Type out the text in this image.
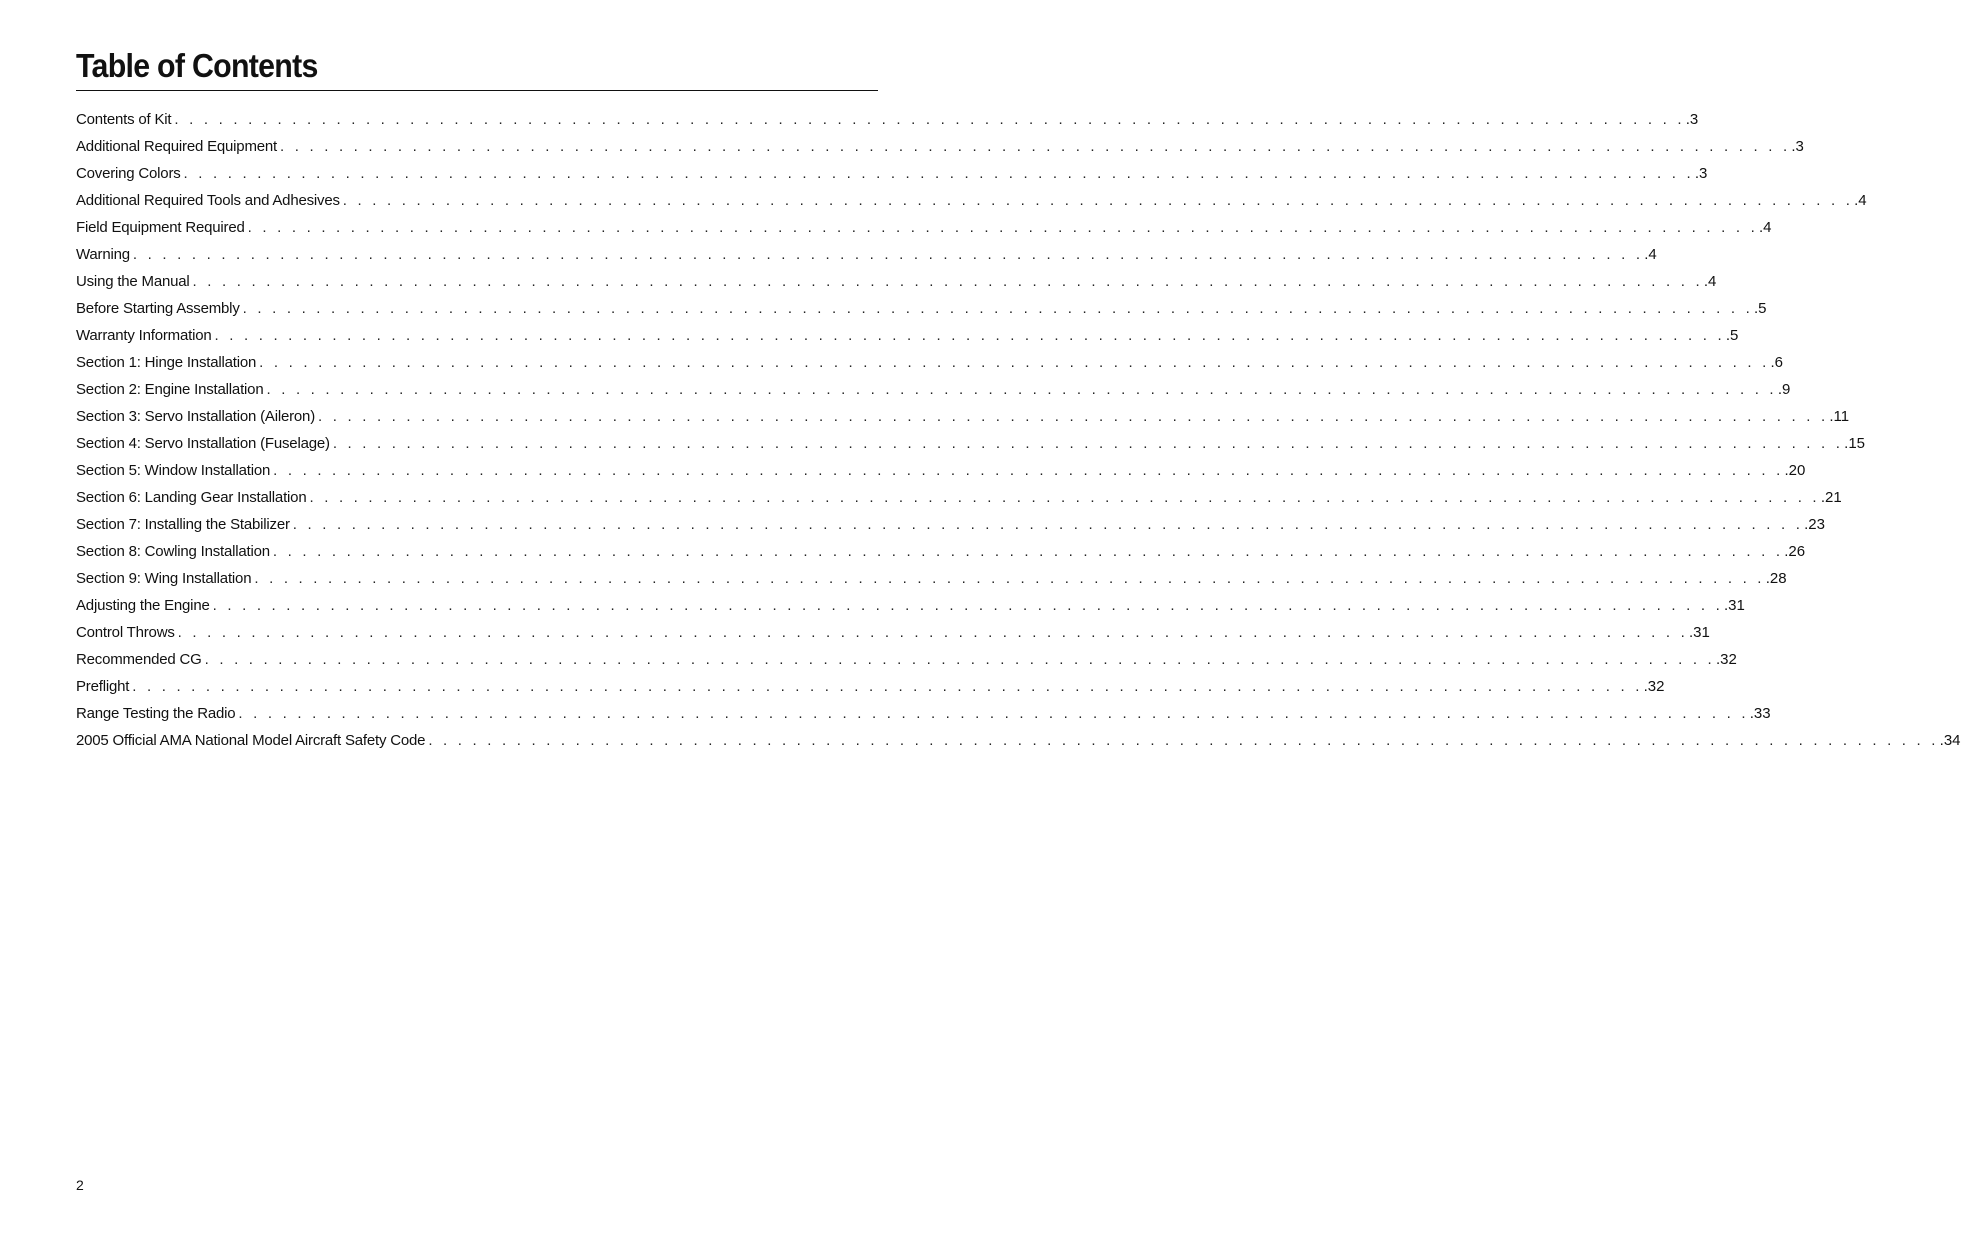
Table of Contents
Contents of Kit . . . . . . . . . . . . . . . . . . . . . . . . . . . . . . . . . . . . . . . . . . . . . . . . . . . . . . . . . . . . . . . . . . . . . . . . . . . . . . . . . . . . . . . . . . . . . . . . . . . . . . . .3
Additional Required Equipment . . . . . . . . . . . . . . . . . . . . . . . . . . . . . . . . . . . . . . . . . . . . . . . . . . . . . . . . . . . . . . . . . . . . . . . . . . . . . . . . . . . . . . . . . . . . . . . . . . . . . . . .3
Covering Colors . . . . . . . . . . . . . . . . . . . . . . . . . . . . . . . . . . . . . . . . . . . . . . . . . . . . . . . . . . . . . . . . . . . . . . . . . . . . . . . . . . . . . . . . . . . . . . . . . . . . . . . .3
Additional Required Tools and Adhesives . . . . . . . . . . . . . . . . . . . . . . . . . . . . . . . . . . . . . . . . . . . . . . . . . . . . . . . . . . . . . . . . . . . . . . . . . . . . . . . . . . . . . . . . . . . . . . . . . . . . . . . .4
Field Equipment Required . . . . . . . . . . . . . . . . . . . . . . . . . . . . . . . . . . . . . . . . . . . . . . . . . . . . . . . . . . . . . . . . . . . . . . . . . . . . . . . . . . . . . . . . . . . . . . . . . . . . . . . .4
Warning . . . . . . . . . . . . . . . . . . . . . . . . . . . . . . . . . . . . . . . . . . . . . . . . . . . . . . . . . . . . . . . . . . . . . . . . . . . . . . . . . . . . . . . . . . . . . . . . . . . . . . . .4
Using the Manual . . . . . . . . . . . . . . . . . . . . . . . . . . . . . . . . . . . . . . . . . . . . . . . . . . . . . . . . . . . . . . . . . . . . . . . . . . . . . . . . . . . . . . . . . . . . . . . . . . . . . . . .4
Before Starting Assembly . . . . . . . . . . . . . . . . . . . . . . . . . . . . . . . . . . . . . . . . . . . . . . . . . . . . . . . . . . . . . . . . . . . . . . . . . . . . . . . . . . . . . . . . . . . . . . . . . . . . . . . .5
Warranty Information . . . . . . . . . . . . . . . . . . . . . . . . . . . . . . . . . . . . . . . . . . . . . . . . . . . . . . . . . . . . . . . . . . . . . . . . . . . . . . . . . . . . . . . . . . . . . . . . . . . . . . . .5
Section 1: Hinge Installation . . . . . . . . . . . . . . . . . . . . . . . . . . . . . . . . . . . . . . . . . . . . . . . . . . . . . . . . . . . . . . . . . . . . . . . . . . . . . . . . . . . . . . . . . . . . . . . . . . . . . . . .6
Section 2: Engine Installation . . . . . . . . . . . . . . . . . . . . . . . . . . . . . . . . . . . . . . . . . . . . . . . . . . . . . . . . . . . . . . . . . . . . . . . . . . . . . . . . . . . . . . . . . . . . . . . . . . . . . . . .9
Section 3: Servo Installation (Aileron) . . . . . . . . . . . . . . . . . . . . . . . . . . . . . . . . . . . . . . . . . . . . . . . . . . . . . . . . . . . . . . . . . . . . . . . . . . . . . . . . . . . . . . . . . . . . . . . . . . . . . . . .11
Section 4: Servo Installation (Fuselage) . . . . . . . . . . . . . . . . . . . . . . . . . . . . . . . . . . . . . . . . . . . . . . . . . . . . . . . . . . . . . . . . . . . . . . . . . . . . . . . . . . . . . . . . . . . . . . . . . . . . . . . .15
Section 5: Window Installation . . . . . . . . . . . . . . . . . . . . . . . . . . . . . . . . . . . . . . . . . . . . . . . . . . . . . . . . . . . . . . . . . . . . . . . . . . . . . . . . . . . . . . . . . . . . . . . . . . . . . . . .20
Section 6: Landing Gear Installation . . . . . . . . . . . . . . . . . . . . . . . . . . . . . . . . . . . . . . . . . . . . . . . . . . . . . . . . . . . . . . . . . . . . . . . . . . . . . . . . . . . . . . . . . . . . . . . . . . . . . . . .21
Section 7: Installing the Stabilizer . . . . . . . . . . . . . . . . . . . . . . . . . . . . . . . . . . . . . . . . . . . . . . . . . . . . . . . . . . . . . . . . . . . . . . . . . . . . . . . . . . . . . . . . . . . . . . . . . . . . . . . .23
Section 8: Cowling Installation . . . . . . . . . . . . . . . . . . . . . . . . . . . . . . . . . . . . . . . . . . . . . . . . . . . . . . . . . . . . . . . . . . . . . . . . . . . . . . . . . . . . . . . . . . . . . . . . . . . . . . . .26
Section 9: Wing Installation . . . . . . . . . . . . . . . . . . . . . . . . . . . . . . . . . . . . . . . . . . . . . . . . . . . . . . . . . . . . . . . . . . . . . . . . . . . . . . . . . . . . . . . . . . . . . . . . . . . . . . . .28
Adjusting the Engine . . . . . . . . . . . . . . . . . . . . . . . . . . . . . . . . . . . . . . . . . . . . . . . . . . . . . . . . . . . . . . . . . . . . . . . . . . . . . . . . . . . . . . . . . . . . . . . . . . . . . . . .31
Control Throws . . . . . . . . . . . . . . . . . . . . . . . . . . . . . . . . . . . . . . . . . . . . . . . . . . . . . . . . . . . . . . . . . . . . . . . . . . . . . . . . . . . . . . . . . . . . . . . . . . . . . . . .31
Recommended CG . . . . . . . . . . . . . . . . . . . . . . . . . . . . . . . . . . . . . . . . . . . . . . . . . . . . . . . . . . . . . . . . . . . . . . . . . . . . . . . . . . . . . . . . . . . . . . . . . . . . . . . .32
Preflight . . . . . . . . . . . . . . . . . . . . . . . . . . . . . . . . . . . . . . . . . . . . . . . . . . . . . . . . . . . . . . . . . . . . . . . . . . . . . . . . . . . . . . . . . . . . . . . . . . . . . . . .32
Range Testing the Radio . . . . . . . . . . . . . . . . . . . . . . . . . . . . . . . . . . . . . . . . . . . . . . . . . . . . . . . . . . . . . . . . . . . . . . . . . . . . . . . . . . . . . . . . . . . . . . . . . . . . . . . .33
2005 Official AMA National Model Aircraft Safety Code . . . . . . . . . . . . . . . . . . . . . . . . . . . . . . . . . . . . . . . . . . . . . . . . . . . . . . . . . . . . . . . . . . . . . . . . . . . . . . . . . . . . . . . . . . . . . . . . . . . . . . . .34
2
